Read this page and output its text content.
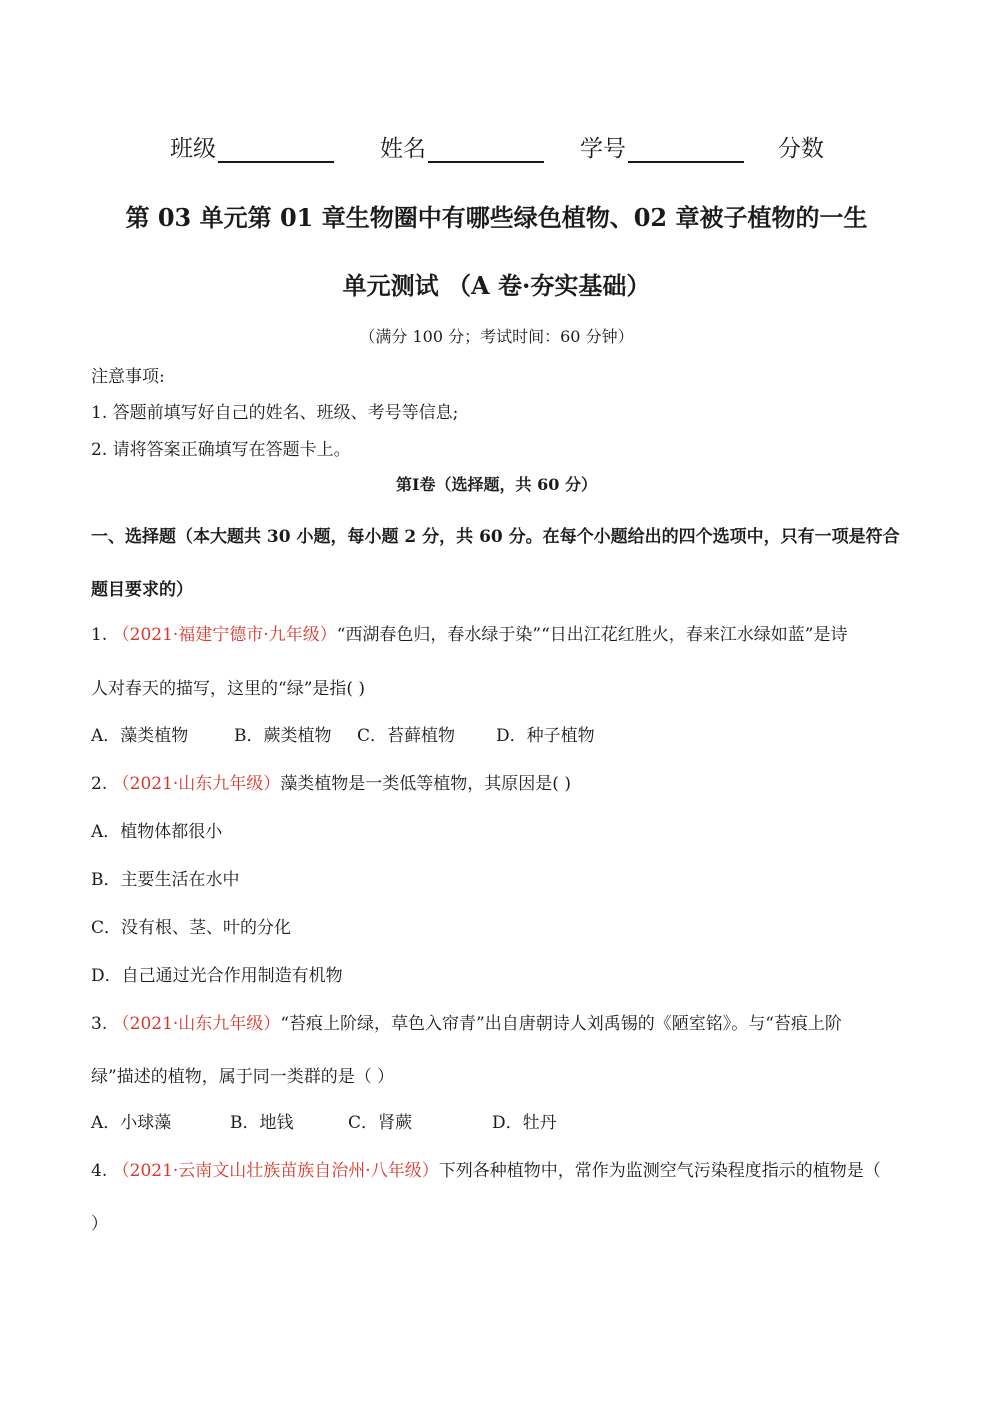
班级	姓名	学号	分数
第 03 单元第 01 章生物圈中有哪些绿色植物、02 章被子植物的一生
单元测试 （A 卷·夯实基础）
（满分 100 分；考试时间：60 分钟）
注意事项:
1. 答题前填写好自己的姓名、班级、考号等信息;
2. 请将答案正确填写在答题卡上。
第Ⅰ卷（选择题，共 60 分）
一、选择题（本大题共 30 小题，每小题 2 分，共 60 分。在每个小题给出的四个选项中，只有一项是符合
题目要求的）
1. （2021·福建宁德市·九年级）“西湖春色归，春水绿于染”“日出江花红胜火，春来江水绿如蓝”是诗
人对春天的描写，这里的“绿”是指( )
A．藻类植物	B．蕨类植物 C．苔藓植物 D．种子植物
2. （2021·山东九年级）藻类植物是一类低等植物，其原因是( )
A．植物体都很小
B．主要生活在水中
C．没有根、茎、叶的分化
D．自己通过光合作用制造有机物
3. （2021·山东九年级）“苔痕上阶绿，草色入帘青”出自唐朝诗人刘禹锡的《陋室铭》。与“苔痕上阶
绿”描述的植物，属于同一类群的是（ ）
A．小球藻	B．地钱	C．肾蕨	D．牡丹
4. （2021·云南文山壮族苗族自治州·八年级）下列各种植物中，常作为监测空气污染程度指示的植物是（
）
